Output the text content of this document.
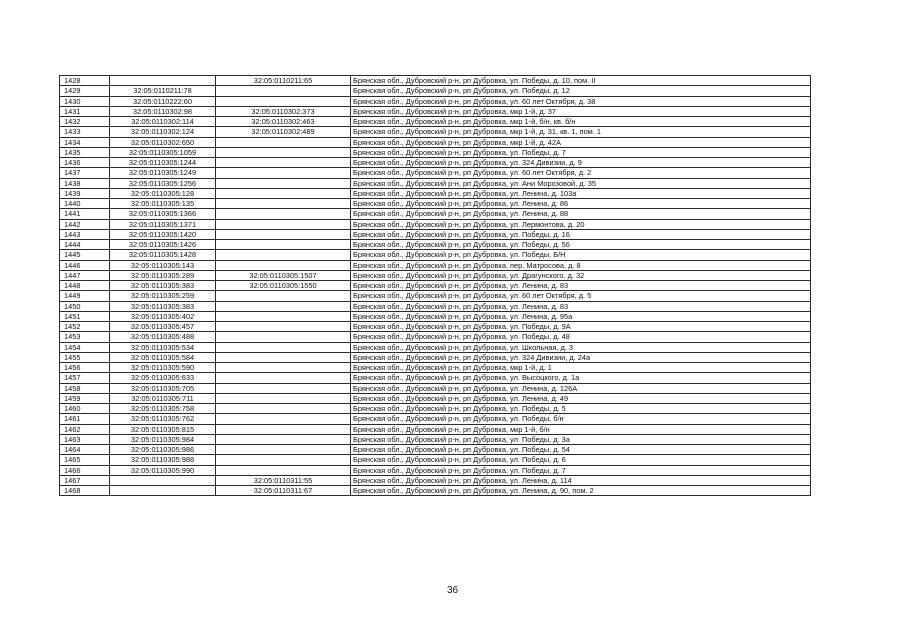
1428		32:05:0110211:65	Брянская обл., Дубровский р-н, рп Дубровка, ул. Победы, д. 10, пом. II
1429	32:05:0110211:78		Брянская обл., Дубровский р-н, рп Дубровка, ул. Победы, д. 12
1430	32:05:0110222:60		Брянская обл., Дубровский р-н, рп Дубровка, ул. 60 лет Октября, д. 38
1431	32:05:0110302:98	32:05:0110302:373	Брянская обл., Дубровский р-н, рп Дубровка, мкр 1-й, д. 37
1432	32:05:0110302:114	32:05:0110302:463	Брянская обл., Дубровский р-н, рп Дубровка, мкр 1-й, б/н, кв. б/н
1433	32:05:0110302:124	32:05:0110302:489	Брянская обл., Дубровский р-н, рп Дубровка, мкр 1-й, д. 31, кв. 1, пом. 1
1434	32:05:0110302:650		Брянская обл., Дубровский р-н, рп Дубровка, мкр 1-й, д. 42А
1435	32:05:0110305:1059		Брянская обл., Дубровский р-н, рп Дубровка, ул. Победы, д. 7
1436	32:05:0110305:1244		Брянская обл., Дубровский р-н, рп Дубровка, ул. 324 Дивизии, д. 9
1437	32:05:0110305:1249		Брянская обл., Дубровский р-н, рп Дубровка, ул. 60 лет Октября, д. 2
1438	32:05:0110305:1256		Брянская обл., Дубровский р-н, рп Дубровка, ул. Ани Морозовой, д. 35
1439	32:05:0110305:128		Брянская обл., Дубровский р-н, рп Дубровка, ул. Ленина, д. 103а
1440	32:05:0110305:135		Брянская обл., Дубровский р-н, рп Дубровка, ул. Ленина, д. 86
1441	32:05:0110305:1366		Брянская обл., Дубровский р-н, рп Дубровка, ул. Ленина, д. 88
1442	32:05:0110305:1371		Брянская обл., Дубровский р-н, рп Дубровка, ул. Лермонтова, д. 20
1443	32:05:0110305:1420		Брянская обл., Дубровский р-н, рп Дубровка, ул. Победы, д. 16
1444	32:05:0110305:1426		Брянская обл., Дубровский р-н, рп Дубровка, ул. Победы, д. 56
1445	32:05:0110305:1428		Брянская обл., Дубровский р-н, рп Дубровка, ул. Победы, Б/Н
1446	32:05:0110305:143		Брянская обл., Дубровский р-н, рп Дубровка, пер. Матросова, д. 8
1447	32:05:0110305:289	32:05:0110305:1507	Брянская обл., Дубровский р-н, рп Дубровка, ул. Драгунского, д. 32
1448	32:05:0110305:383	32:05:0110305:1550	Брянская обл., Дубровский р-н, рп Дубровка, ул. Ленина, д. 83
1449	32:05:0110305:259		Брянская обл., Дубровский р-н, рп Дубровка, ул. 60 лет Октября, д. 5
1450	32:05:0110305:383		Брянская обл., Дубровский р-н, рп Дубровка, ул. Ленина, д. 83
1451	32:05:0110305:402		Брянская обл., Дубровский р-н, рп Дубровка, ул. Ленина, д. 95а
1452	32:05:0110305:457		Брянская обл., Дубровский р-н, рп Дубровка, ул. Победы, д. 9А
1453	32:05:0110305:488		Брянская обл., Дубровский р-н, рп Дубровка, ул. Победы, д. 48
1454	32:05:0110305:534		Брянская обл., Дубровский р-н, рп Дубровка, ул. Школьная, д. 3
1455	32:05:0110305:584		Брянская обл., Дубровский р-н, рп Дубровка, ул. 324 Дивизии, д. 24а
1456	32:05:0110305:590		Брянская обл., Дубровский р-н, рп Дубровка, мкр 1-й, д. 1
1457	32:05:0110305:633		Брянская обл., Дубровский р-н, рп Дубровка, ул. Высоцкого, д. 1а
1458	32:05:0110305:705		Брянская обл., Дубровский р-н, рп Дубровка, ул. Ленина, д. 126А
1459	32:05:0110305:711		Брянская обл., Дубровский р-н, рп Дубровка, ул. Ленина, д. 49
1460	32:05:0110305:758		Брянская обл., Дубровский р-н, рп Дубровка, ул. Победы, д. 5
1461	32:05:0110305:762		Брянская обл., Дубровский р-н, рп Дубровка, ул. Победы, б/н
1462	32:05:0110305:815		Брянская обл., Дубровский р-н, рп Дубровка, мкр 1-й, б/н
1463	32:05:0110305:984		Брянская обл., Дубровский р-н, рп Дубровка, ул. Победы, д. 3а
1464	32:05:0110305:986		Брянская обл., Дубровский р-н, рп Дубровка, ул. Победы, д. 54
1465	32:05:0110305:988		Брянская обл., Дубровский р-н, рп Дубровка, ул. Победы, д. 6
1466	32:05:0110305:990		Брянская обл., Дубровский р-н, рп Дубровка, ул. Победы, д. 7
1467		32:05:0110311:55	Брянская обл., Дубровский р-н, рп Дубровка, ул. Ленина, д. 114
1468		32:05:0110311:67	Брянская обл., Дубровский р-н, рп Дубровка, ул. Ленина, д. 90, пом. 2
36
